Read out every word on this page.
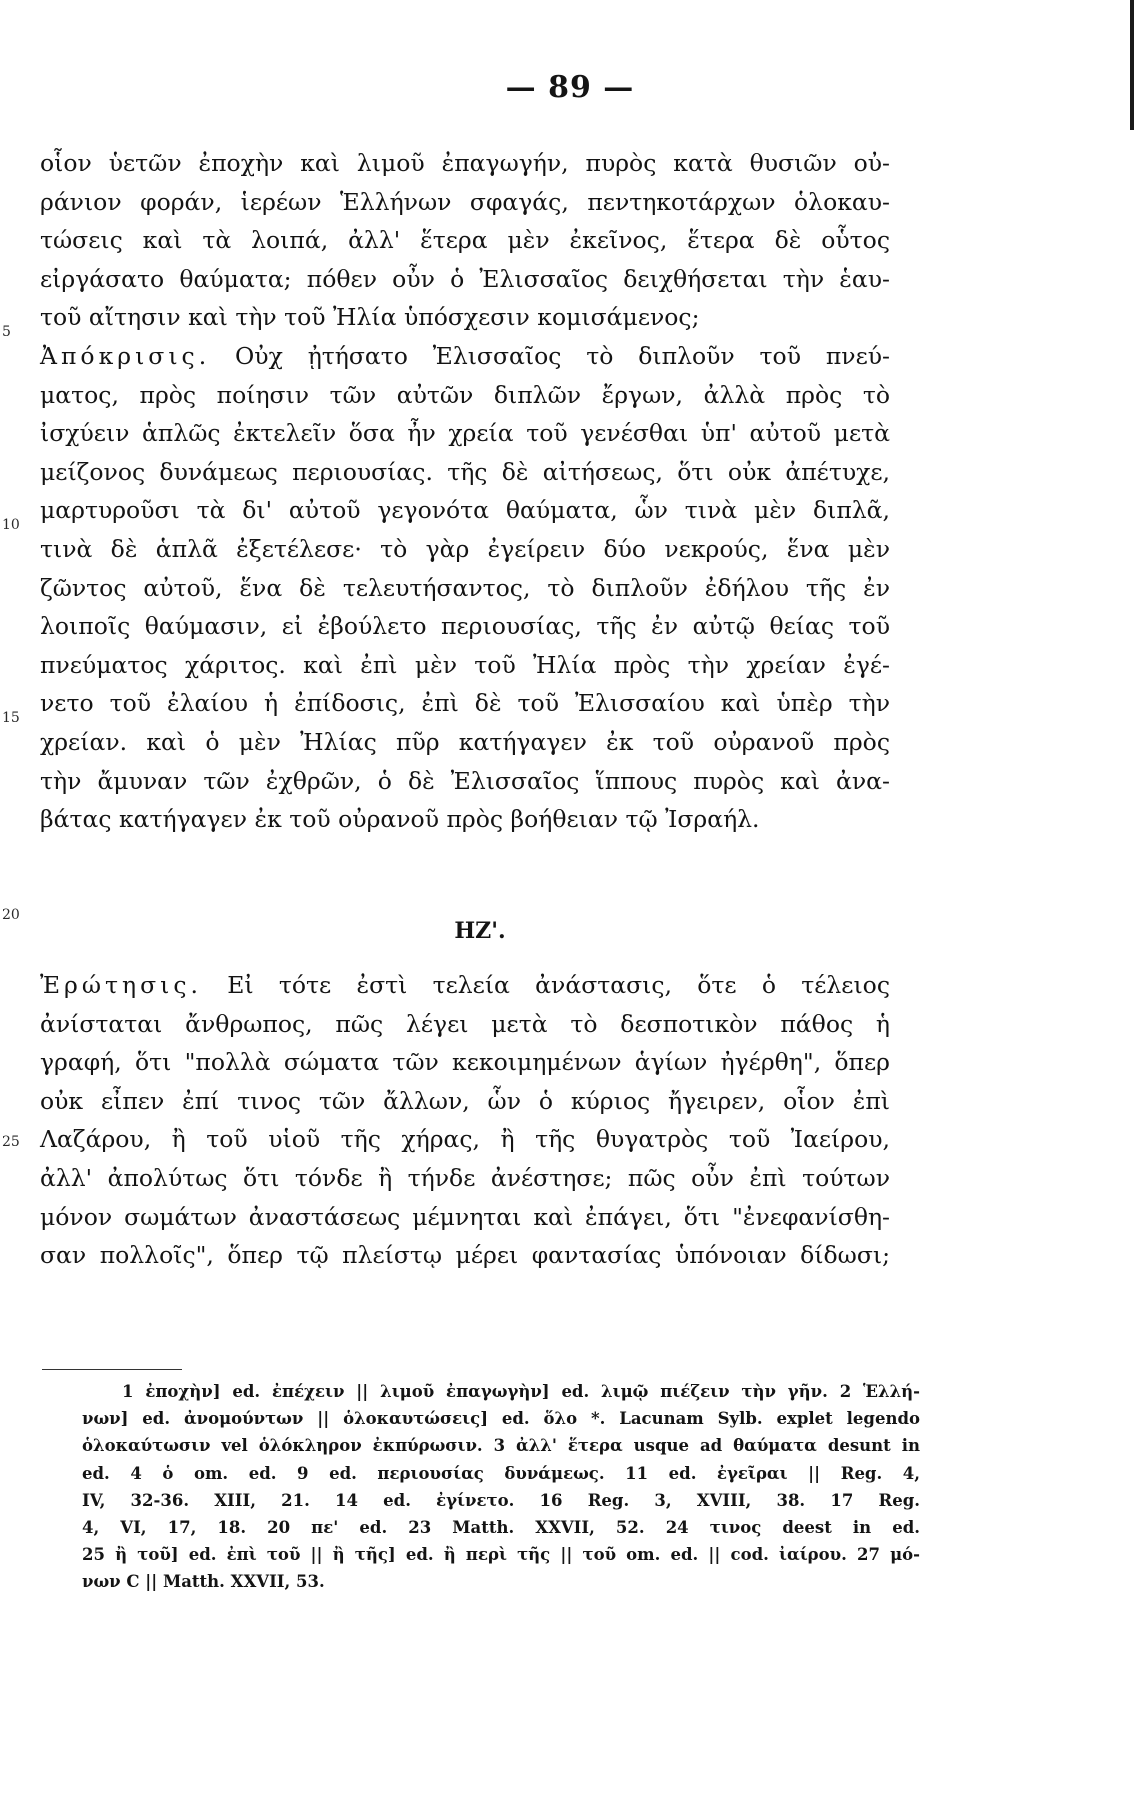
— 89 —
οἷον ὑετῶν ἐποχὴν καὶ λιμοῦ ἐπαγωγήν, πυρὸς κατὰ θυσιῶν οὐ-
ράνιον φοράν, ἱερέων Ἑλλήνων σφαγάς, πεντηκοτάρχων ὁλοκαυ-
τώσεις καὶ τὰ λοιπά, ἀλλ' ἕτερα μὲν ἐκεῖνος, ἕτερα δὲ οὗτος
εἰργάσατο θαύματα; πόθεν οὖν ὁ Ἐλισσαῖος δειχθήσεται τὴν ἑαυ-
τοῦ αἴτησιν καὶ τὴν τοῦ Ἠλία ὑπόσχεσιν κομισάμενος;
Ἀπόκρισις. Οὐχ ᾐτήσατο Ἐλισσαῖος τὸ διπλοῦν τοῦ πνεύ-
ματος, πρὸς ποίησιν τῶν αὐτῶν διπλῶν ἔργων, ἀλλὰ πρὸς τὸ
ἰσχύειν ἁπλῶς ἐκτελεῖν ὅσα ἦν χρεία τοῦ γενέσθαι ὑπ' αὐτοῦ μετὰ
μείζονος δυνάμεως περιουσίας. τῆς δὲ αἰτήσεως, ὅτι οὐκ ἀπέτυχε,
μαρτυροῦσι τὰ δι' αὐτοῦ γεγονότα θαύματα, ὧν τινὰ μὲν διπλᾶ,
τινὰ δὲ ἁπλᾶ ἐξετέλεσε· τὸ γὰρ ἐγείρειν δύο νεκρούς, ἕνα μὲν
ζῶντος αὐτοῦ, ἕνα δὲ τελευτήσαντος, τὸ διπλοῦν ἐδήλου τῆς ἐν
λοιποῖς θαύμασιν, εἰ ἐβούλετο περιουσίας, τῆς ἐν αὐτῷ θείας τοῦ
πνεύματος χάριτος. καὶ ἐπὶ μὲν τοῦ Ἠλία πρὸς τὴν χρείαν ἐγέ-
νετο τοῦ ἐλαίου ἡ ἐπίδοσις, ἐπὶ δὲ τοῦ Ἐλισσαίου καὶ ὑπὲρ τὴν
χρείαν. καὶ ὁ μὲν Ἠλίας πῦρ κατήγαγεν ἐκ τοῦ οὐρανοῦ πρὸς
τὴν ἄμυναν τῶν ἐχθρῶν, ὁ δὲ Ἐλισσαῖος ἵππους πυρὸς καὶ ἀνα-
βάτας κατήγαγεν ἐκ τοῦ οὐρανοῦ πρὸς βοήθειαν τῷ Ἰσραήλ.
ΗΖ'.
Ἐρώτησις. Εἰ τότε ἐστὶ τελεία ἀνάστασις, ὅτε ὁ τέλειος
ἀνίσταται ἄνθρωπος, πῶς λέγει μετὰ τὸ δεσποτικὸν πάθος ἡ
γραφή, ὅτι "πολλὰ σώματα τῶν κεκοιμημένων ἁγίων ἠγέρθη", ὅπερ
οὐκ εἶπεν ἐπί τινος τῶν ἄλλων, ὧν ὁ κύριος ἤγειρεν, οἷον ἐπὶ
Λαζάρου, ἢ τοῦ υἱοῦ τῆς χήρας, ἢ τῆς θυγατρὸς τοῦ Ἰαείρου,
ἀλλ' ἀπολύτως ὅτι τόνδε ἢ τήνδε ἀνέστησε; πῶς οὖν ἐπὶ τούτων
μόνον σωμάτων ἀναστάσεως μέμνηται καὶ ἐπάγει, ὅτι "ἐνεφανίσθη-
σαν πολλοῖς", ὅπερ τῷ πλείστῳ μέρει φαντασίας ὑπόνοιαν δίδωσι;
5
10
15
20
25
1 ἐποχὴν] ed. ἐπέχειν || λιμοῦ ἐπαγωγὴν] ed. λιμῷ πιέζειν τὴν γῆν. 2 Ἑλλή-
νων] ed. ἀνομούντων || ὁλοκαυτώσεις] ed. ὅλο *. Lacunam Sylb. explet legendo
ὁλοκαύτωσιν vel ὁλόκληρον ἐκπύρωσιν. 3 ἀλλ' ἕτερα usque ad θαύματα desunt in
ed. 4 ὁ om. ed. 9 ed. περιουσίας δυνάμεως. 11 ed. ἐγεῖραι || Reg. 4,
IV, 32-36. XIII, 21. 14 ed. ἐγίνετο. 16 Reg. 3, XVIII, 38. 17 Reg.
4, VI, 17, 18. 20 πε' ed. 23 Matth. XXVII, 52. 24 τινος deest in ed.
25 ἢ τοῦ] ed. ἐπὶ τοῦ || ἢ τῆς] ed. ἢ περὶ τῆς || τοῦ om. ed. || cod. ἰαίρου. 27 μό-
νων C || Matth. XXVII, 53.
